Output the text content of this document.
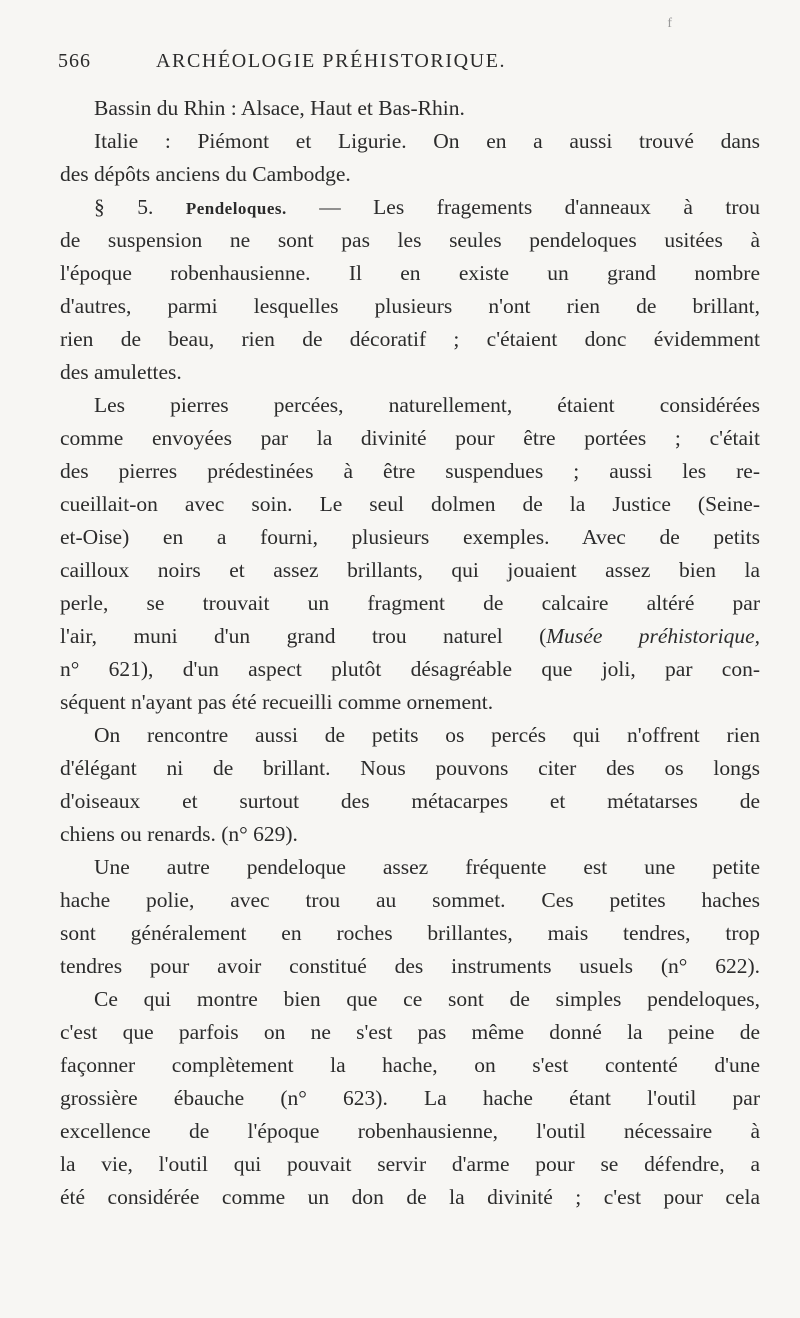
f
566	ARCHÉOLOGIE PRÉHISTORIQUE.
Bassin du Rhin : Alsace, Haut et Bas-Rhin.
Italie : Piémont et Ligurie. On en a aussi trouvé dans
des dépôts anciens du Cambodge.
§ 5. Pendeloques. — Les fragements d'anneaux à trou
de suspension ne sont pas les seules pendeloques usitées à
l'époque robenhausienne. Il en existe un grand nombre
d'autres, parmi lesquelles plusieurs n'ont rien de brillant,
rien de beau, rien de décoratif ; c'étaient donc évidemment
des amulettes.
Les pierres percées, naturellement, étaient considérées
comme envoyées par la divinité pour être portées ; c'était
des pierres prédestinées à être suspendues ; aussi les re-
cueillait-on avec soin. Le seul dolmen de la Justice (Seine-
et-Oise) en a fourni, plusieurs exemples. Avec de petits
cailloux noirs et assez brillants, qui jouaient assez bien la
perle, se trouvait un fragment de calcaire altéré par
l'air, muni d'un grand trou naturel (Musée préhistorique,
n° 621), d'un aspect plutôt désagréable que joli, par con-
séquent n'ayant pas été recueilli comme ornement.
On rencontre aussi de petits os percés qui n'offrent rien
d'élégant ni de brillant. Nous pouvons citer des os longs
d'oiseaux et surtout des métacarpes et métatarses de
chiens ou renards. (n° 629).
Une autre pendeloque assez fréquente est une petite
hache polie, avec trou au sommet. Ces petites haches
sont généralement en roches brillantes, mais tendres, trop
tendres pour avoir constitué des instruments usuels (n° 622).
Ce qui montre bien que ce sont de simples pendeloques,
c'est que parfois on ne s'est pas même donné la peine de
façonner complètement la hache, on s'est contenté d'une
grossière ébauche (n° 623). La hache étant l'outil par
excellence de l'époque robenhausienne, l'outil nécessaire à
la vie, l'outil qui pouvait servir d'arme pour se défendre, a
été considérée comme un don de la divinité ; c'est pour cela
